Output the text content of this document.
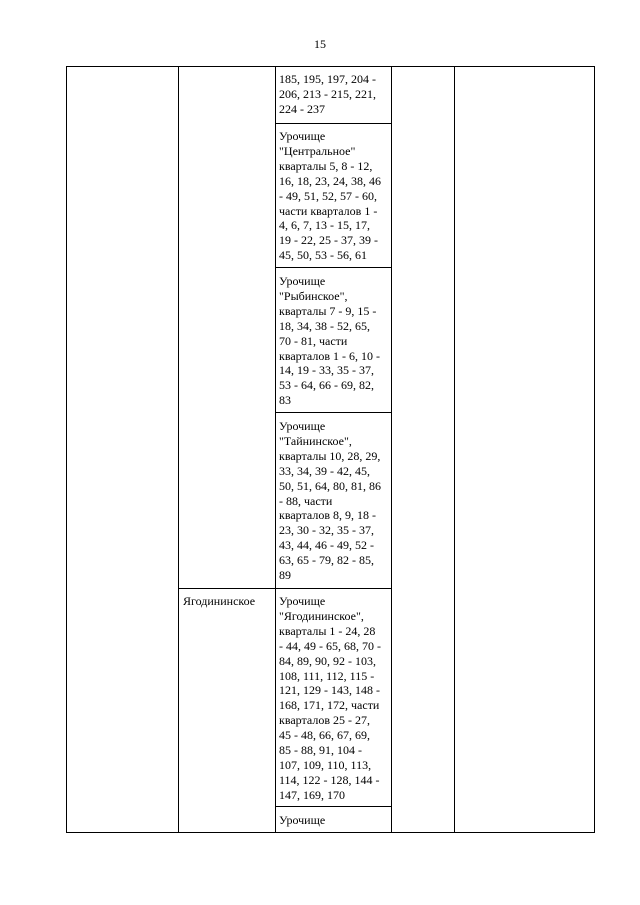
15
185, 195, 197, 204 -
206, 213 - 215, 221,
224 - 237
Урочище
"Центральное"
кварталы 5, 8 - 12,
16, 18, 23, 24, 38, 46
- 49, 51, 52, 57 - 60,
части кварталов 1 -
4, 6, 7, 13 - 15, 17,
19 - 22, 25 - 37, 39 -
45, 50, 53 - 56, 61
Урочище
"Рыбинское",
кварталы 7 - 9, 15 -
18, 34, 38 - 52, 65,
70 - 81, части
кварталов 1 - 6, 10 -
14, 19 - 33, 35 - 37,
53 - 64, 66 - 69, 82,
83
Урочище
"Тайнинское",
кварталы 10, 28, 29,
33, 34, 39 - 42, 45,
50, 51, 64, 80, 81, 86
- 88, части
кварталов 8, 9, 18 -
23, 30 - 32, 35 - 37,
43, 44, 46 - 49, 52 -
63, 65 - 79, 82 - 85,
89
Урочище
"Ягодининское",
кварталы 1 - 24, 28
- 44, 49 - 65, 68, 70 -
84, 89, 90, 92 - 103,
108, 111, 112, 115 -
121, 129 - 143, 148 -
168, 171, 172, части
кварталов 25 - 27,
45 - 48, 66, 67, 69,
85 - 88, 91, 104 -
107, 109, 110, 113,
114, 122 - 128, 144 -
147, 169, 170
Урочище
Ягодининское
